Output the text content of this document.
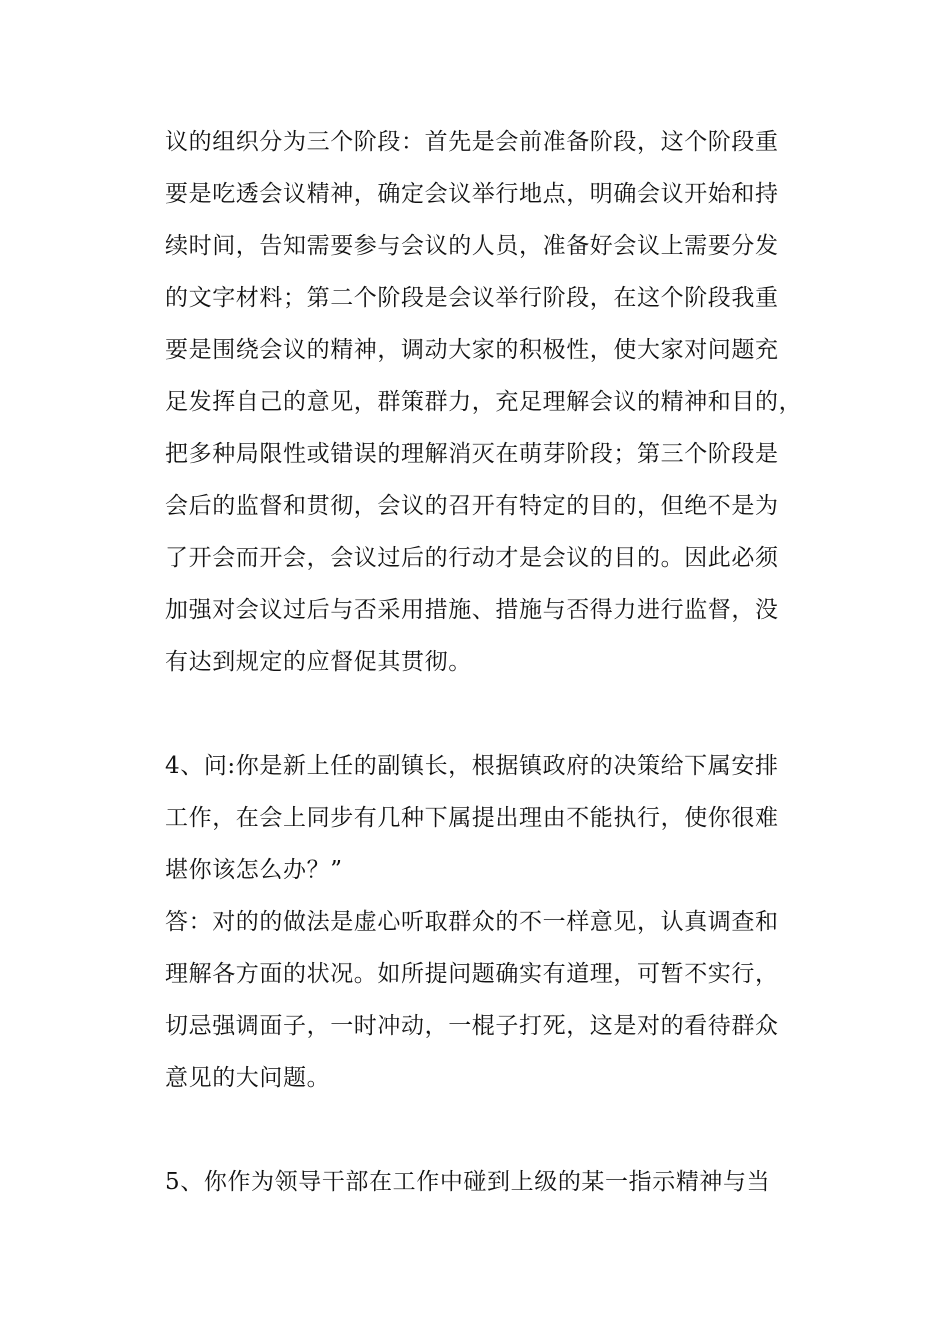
议的组织分为三个阶段：首先是会前准备阶段，这个阶段重
要是吃透会议精神，确定会议举行地点，明确会议开始和持
续时间，告知需要参与会议的人员，准备好会议上需要分发
的文字材料；第二个阶段是会议举行阶段，在这个阶段我重
要是围绕会议的精神，调动大家的积极性，使大家对问题充
足发挥自己的意见，群策群力，充足理解会议的精神和目的，
把多种局限性或错误的理解消灭在萌芽阶段；第三个阶段是
会后的监督和贯彻，会议的召开有特定的目的，但绝不是为
了开会而开会，会议过后的行动才是会议的目的。因此必须
加强对会议过后与否采用措施、措施与否得力进行监督，没
有达到规定的应督促其贯彻。
4、问:你是新上任的副镇长，根据镇政府的决策给下属安排
工作，在会上同步有几种下属提出理由不能执行，使你很难
堪你该怎么办？”
答：对的的做法是虚心听取群众的不一样意见，认真调查和
理解各方面的状况。如所提问题确实有道理，可暂不实行，
切忌强调面子，一时冲动，一棍子打死，这是对的看待群众
意见的大问题。
5、你作为领导干部在工作中碰到上级的某一指示精神与当
